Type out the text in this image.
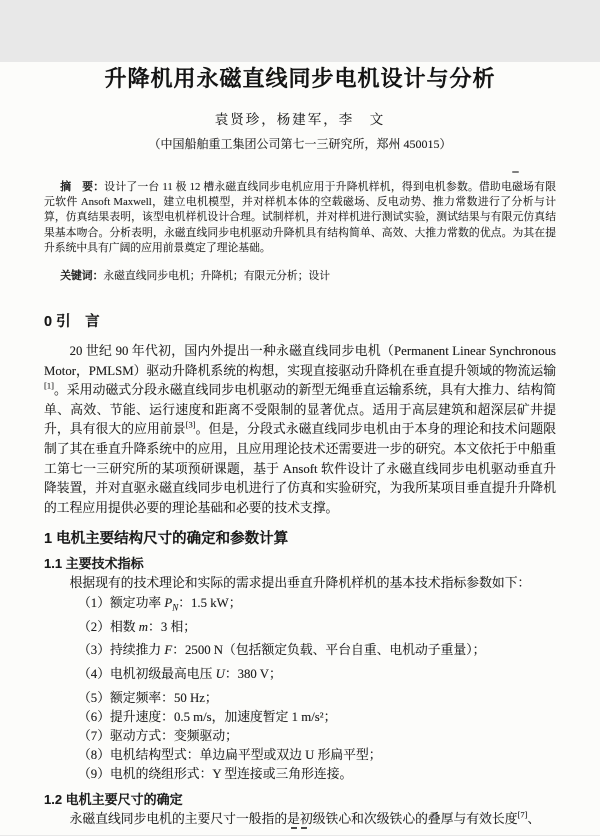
升降机用永磁直线同步电机设计与分析
袁贤珍，杨建军，李　文
（中国船舶重工集团公司第七一三研究所，郑州 450015）
摘　要：设计了一台 11 极 12 槽永磁直线同步电机应用于升降机样机，得到电机参数。借助电磁场有限元软件 Ansoft Maxwell，建立电机模型，并对样机本体的空载磁场、反电动势、推力常数进行了分析与计算，仿真结果表明，该型电机样机设计合理。试制样机，并对样机进行测试实验，测试结果与有限元仿真结果基本吻合。分析表明，永磁直线同步电机驱动升降机具有结构简单、高效、大推力常数的优点。为其在提升系统中具有广阔的应用前景奠定了理论基础。
关键词：永磁直线同步电机；升降机；有限元分析；设计
0 引　言
20 世纪 90 年代初，国内外提出一种永磁直线同步电机（Permanent Linear Synchronous Motor，PMLSM）驱动升降机系统的构想，实现直接驱动升降机在垂直提升领域的物流运输[1]。采用动磁式分段永磁直线同步电机驱动的新型无绳垂直运输系统，具有大推力、结构简单、高效、节能、运行速度和距离不受限制的显著优点。适用于高层建筑和超深层矿井提升，具有很大的应用前景[3]。但是，分段式永磁直线同步电机由于本身的理论和技术问题限制了其在垂直升降系统中的应用，且应用理论技术还需要进一步的研究。本文依托于中船重工第七一三研究所的某项预研课题，基于 Ansoft 软件设计了永磁直线同步电机驱动垂直升降装置，并对直驱永磁直线同步电机进行了仿真和实验研究，为我所某项目垂直提升升降机的工程应用提供必要的理论基础和必要的技术支撑。
1 电机主要结构尺寸的确定和参数计算
1.1 主要技术指标
根据现有的技术理论和实际的需求提出垂直升降机样机的基本技术指标参数如下：
（1）额定功率 $P_N$：1.5 kW；
（2）相数 m：3 相；
（3）持续推力 F：2500 N（包括额定负载、平台自重、电机动子重量）；
（4）电机初级最高电压 U：380 V；
（5）额定频率：50 Hz；
（6）提升速度：0.5 m/s，加速度暂定 1 m/s²；
（7）驱动方式：变频驱动；
（8）电机结构型式：单边扁平型或双边 U 形扁平型；
（9）电机的绕组形式：Y 型连接或三角形连接。
1.2 电机主要尺寸的确定
永磁直线同步电机的主要尺寸一般指的是初级铁心和次级铁心的叠厚与有效长度[7]、
